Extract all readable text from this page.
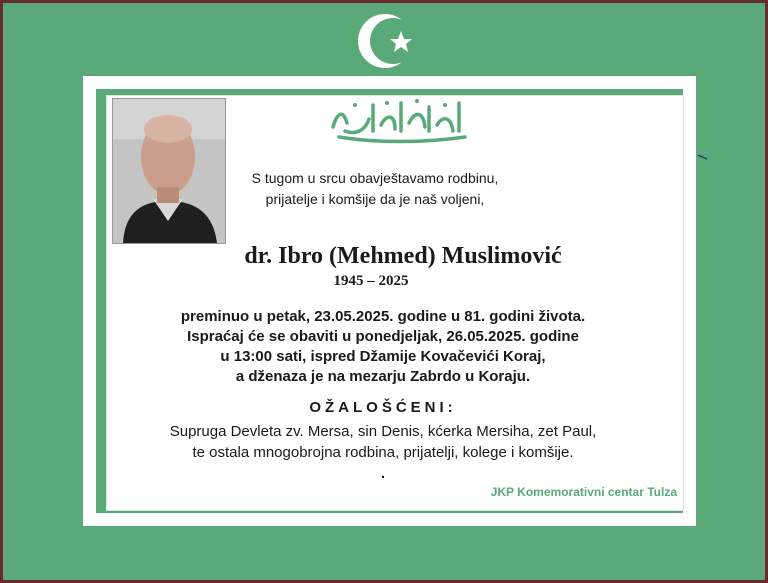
S tugom u srcu obavještavamo rodbinu,
prijatelje i komšije da je naš voljeni,
dr. Ibro (Mehmed) Muslimović
1945 – 2025
preminuo u petak, 23.05.2025. godine u 81. godini života.
Ispraćaj će se obaviti u ponedjeljak, 26.05.2025. godine
u 13:00 sati, ispred Džamije Kovačevići Koraj,
a dženaza je na mezarju Zabrdo u Koraju.
OŽALOŠĆENI:
Supruga Devleta zv. Mersa, sin Denis, kćerka Mersiha, zet Paul,
te ostala mnogobrojna rodbina, prijatelji, kolege i komšije.
.
JKP Komemorativni centar Tulza
